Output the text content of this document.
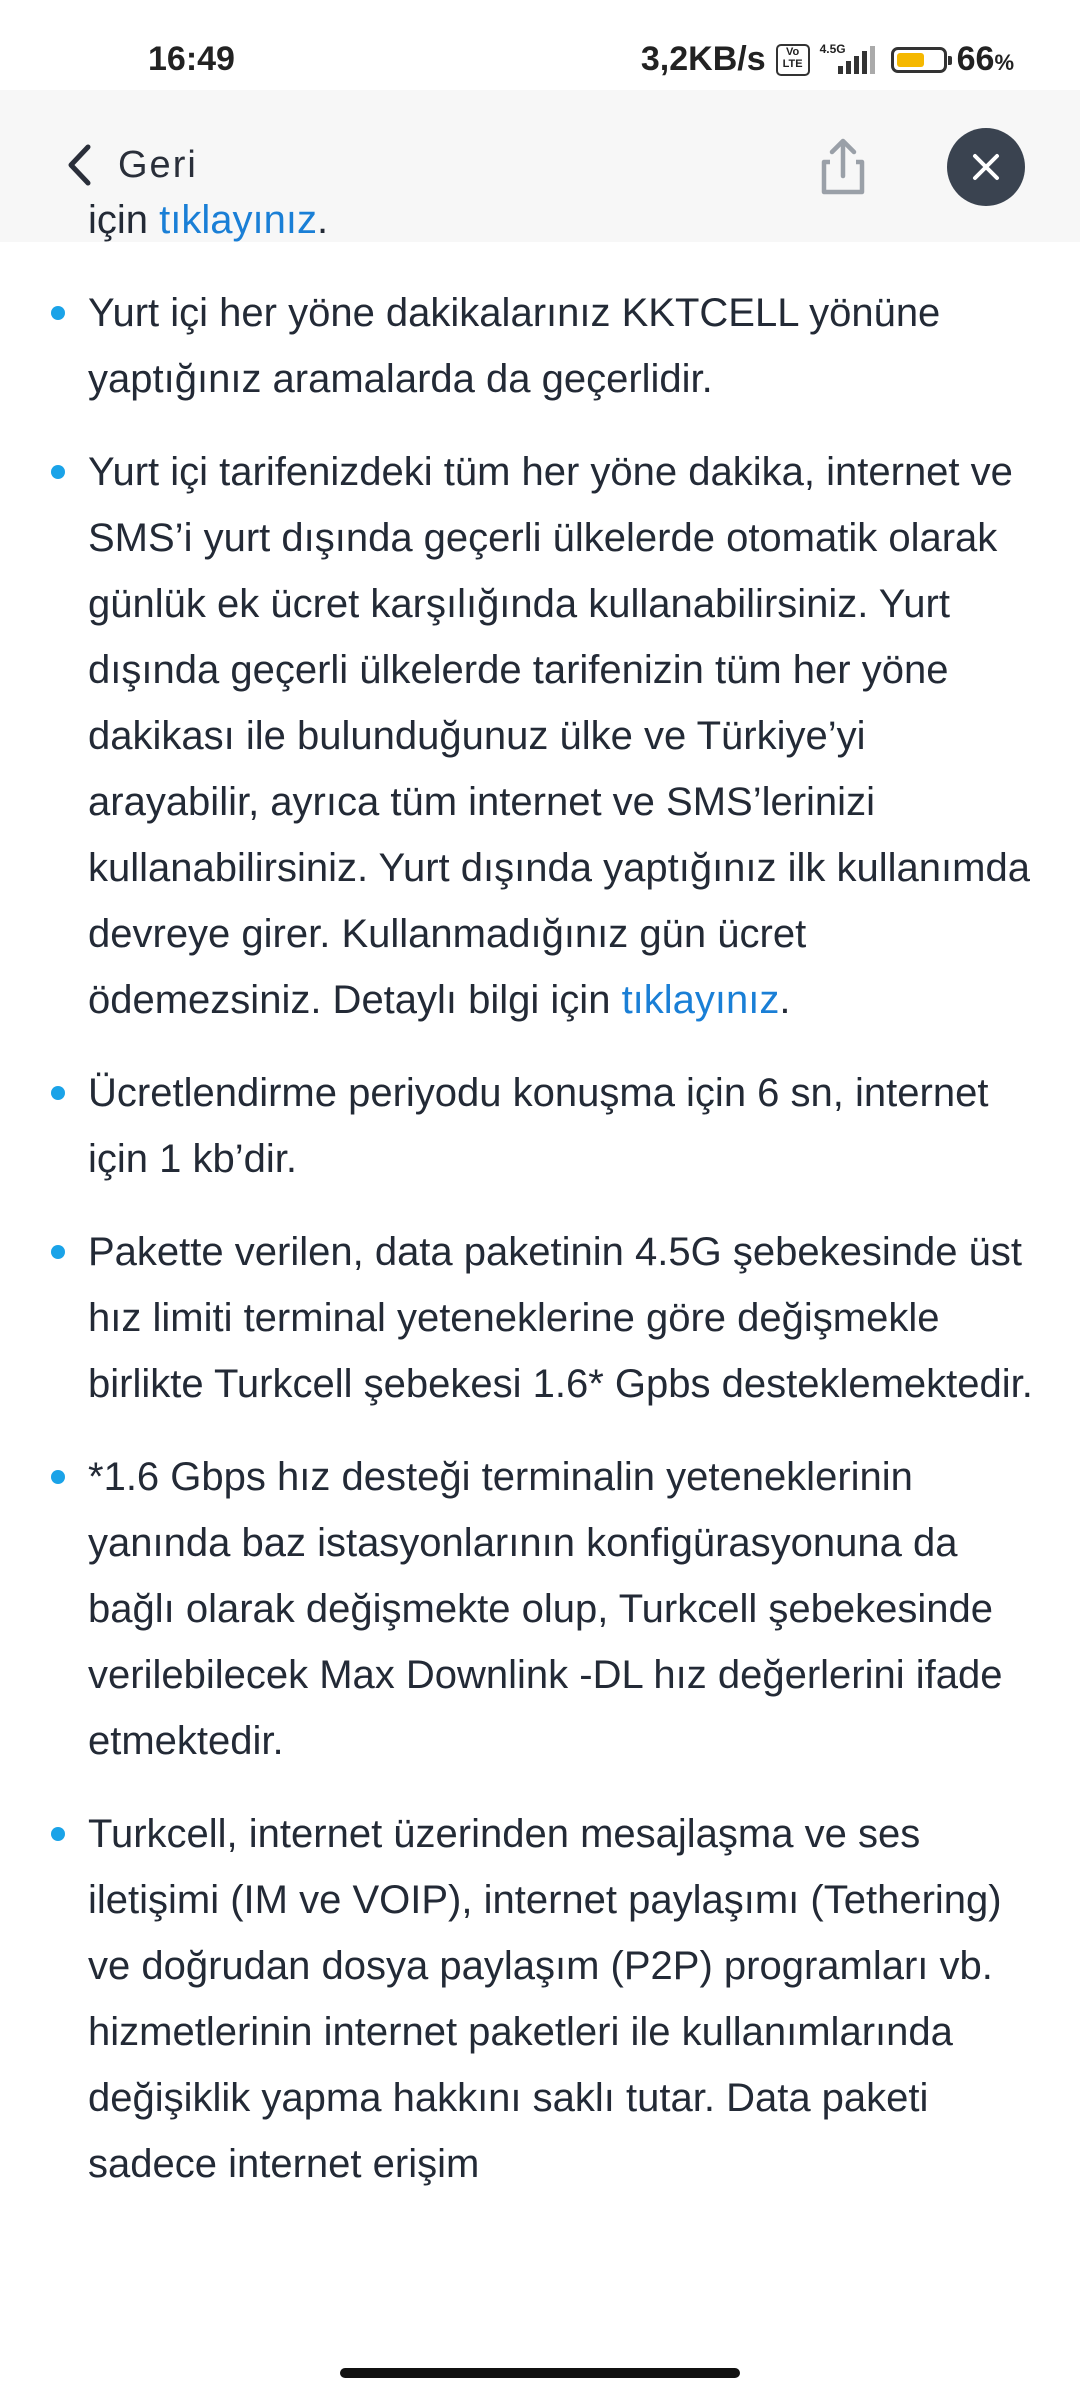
16:49	3,2KB/s	Vo LTE
4.5G	66%
Geri
için tıklayınız.
Yurt içi her yöne dakikalarınız KKTCELL yönüne yaptığınız aramalarda da geçerlidir.
Yurt içi tarifenizdeki tüm her yöne dakika, internet ve SMS’i yurt dışında geçerli ülkelerde otomatik olarak günlük ek ücret karşılığında kullanabilirsiniz. Yurt dışında geçerli ülkelerde tarifenizin tüm her yöne dakikası ile bulunduğunuz ülke ve Türkiye’yi arayabilir, ayrıca tüm internet ve SMS’lerinizi kullanabilirsiniz. Yurt dışında yaptığınız ilk kullanımda devreye girer. Kullanmadığınız gün ücret ödemezsiniz. Detaylı bilgi için tıklayınız.
Ücretlendirme periyodu konuşma için 6 sn, internet için 1 kb’dir.
Pakette verilen, data paketinin 4.5G şebekesinde üst hız limiti terminal yeteneklerine göre değişmekle birlikte Turkcell şebekesi 1.6* Gpbs desteklemektedir.
*1.6 Gbps hız desteği terminalin yeteneklerinin yanında baz istasyonlarının konfigürasyonuna da bağlı olarak değişmekte olup, Turkcell şebekesinde verilebilecek Max Downlink -DL hız değerlerini ifade etmektedir.
Turkcell, internet üzerinden mesajlaşma ve ses iletişimi (IM ve VOIP), internet paylaşımı (Tethering) ve doğrudan dosya paylaşım (P2P) programları vb. hizmetlerinin internet paketleri ile kullanımlarında değişiklik yapma hakkını saklı tutar. Data paketi sadece internet erişim
